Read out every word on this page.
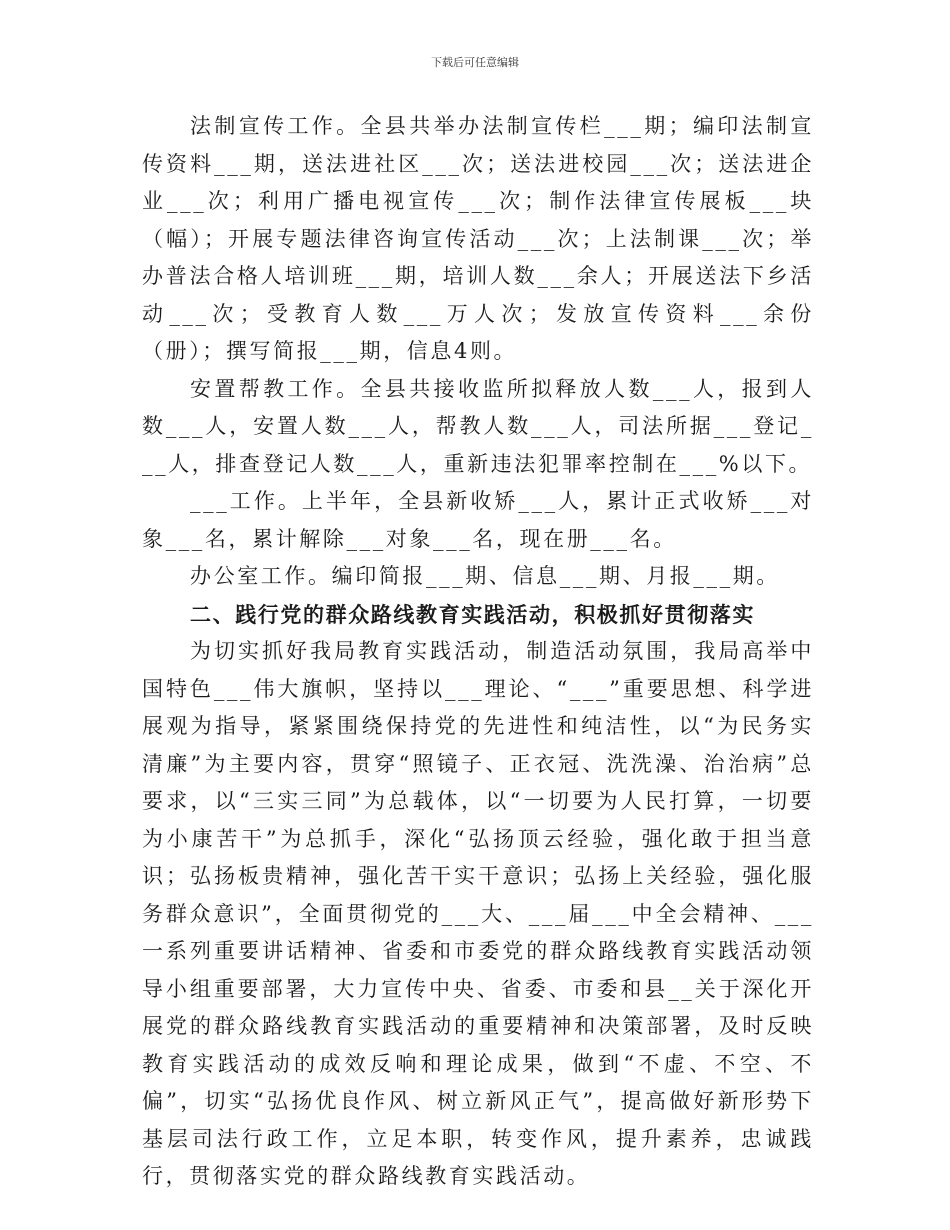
下载后可任意编辑

法制宣传工作。全县共举办法制宣传栏___期；编印法制宣传资料___期，送法进社区___次；送法进校园___次；送法进企业___次；利用广播电视宣传___次；制作法律宣传展板___块（幅）；开展专题法律咨询宣传活动___次；上法制课___次；举办普法合格人培训班___期，培训人数___余人；开展送法下乡活动___次；受教育人数___万人次；发放宣传资料___余份（册）；撰写简报___期，信息4则。

安置帮教工作。全县共接收监所拟释放人数___人，报到人数___人，安置人数___人，帮教人数___人，司法所据___登记___人，排查登记人数___人，重新违法犯罪率控制在___%以下。

___工作。上半年，全县新收矫___人，累计正式收矫___对象___名，累计解除___对象___名，现在册___名。

办公室工作。编印简报___期、信息___期、月报___期。

二、践行党的群众路线教育实践活动，积极抓好贯彻落实

为切实抓好我局教育实践活动，制造活动氛围，我局高举中国特色___伟大旗帜，坚持以___理论、“___”重要思想、科学进展观为指导，紧紧围绕保持党的先进性和纯洁性，以“为民务实清廉”为主要内容，贯穿“照镜子、正衣冠、洗洗澡、治治病”总要求，以“三实三同”为总载体，以“一切要为人民打算，一切要为小康苦干”为总抓手，深化“弘扬顶云经验，强化敢于担当意识；弘扬板贵精神，强化苦干实干意识；弘扬上关经验，强化服务群众意识”，全面贯彻党的___大、___届___中全会精神、___一系列重要讲话精神、省委和市委党的群众路线教育实践活动领导小组重要部署，大力宣传中央、省委、市委和县__关于深化开展党的群众路线教育实践活动的重要精神和决策部署，及时反映教育实践活动的成效反响和理论成果，做到“不虚、不空、不偏”，切实“弘扬优良作风、树立新风正气”，提高做好新形势下基层司法行政工作，立足本职，转变作风，提升素养，忠诚践行，贯彻落实党的群众路线教育实践活动。
